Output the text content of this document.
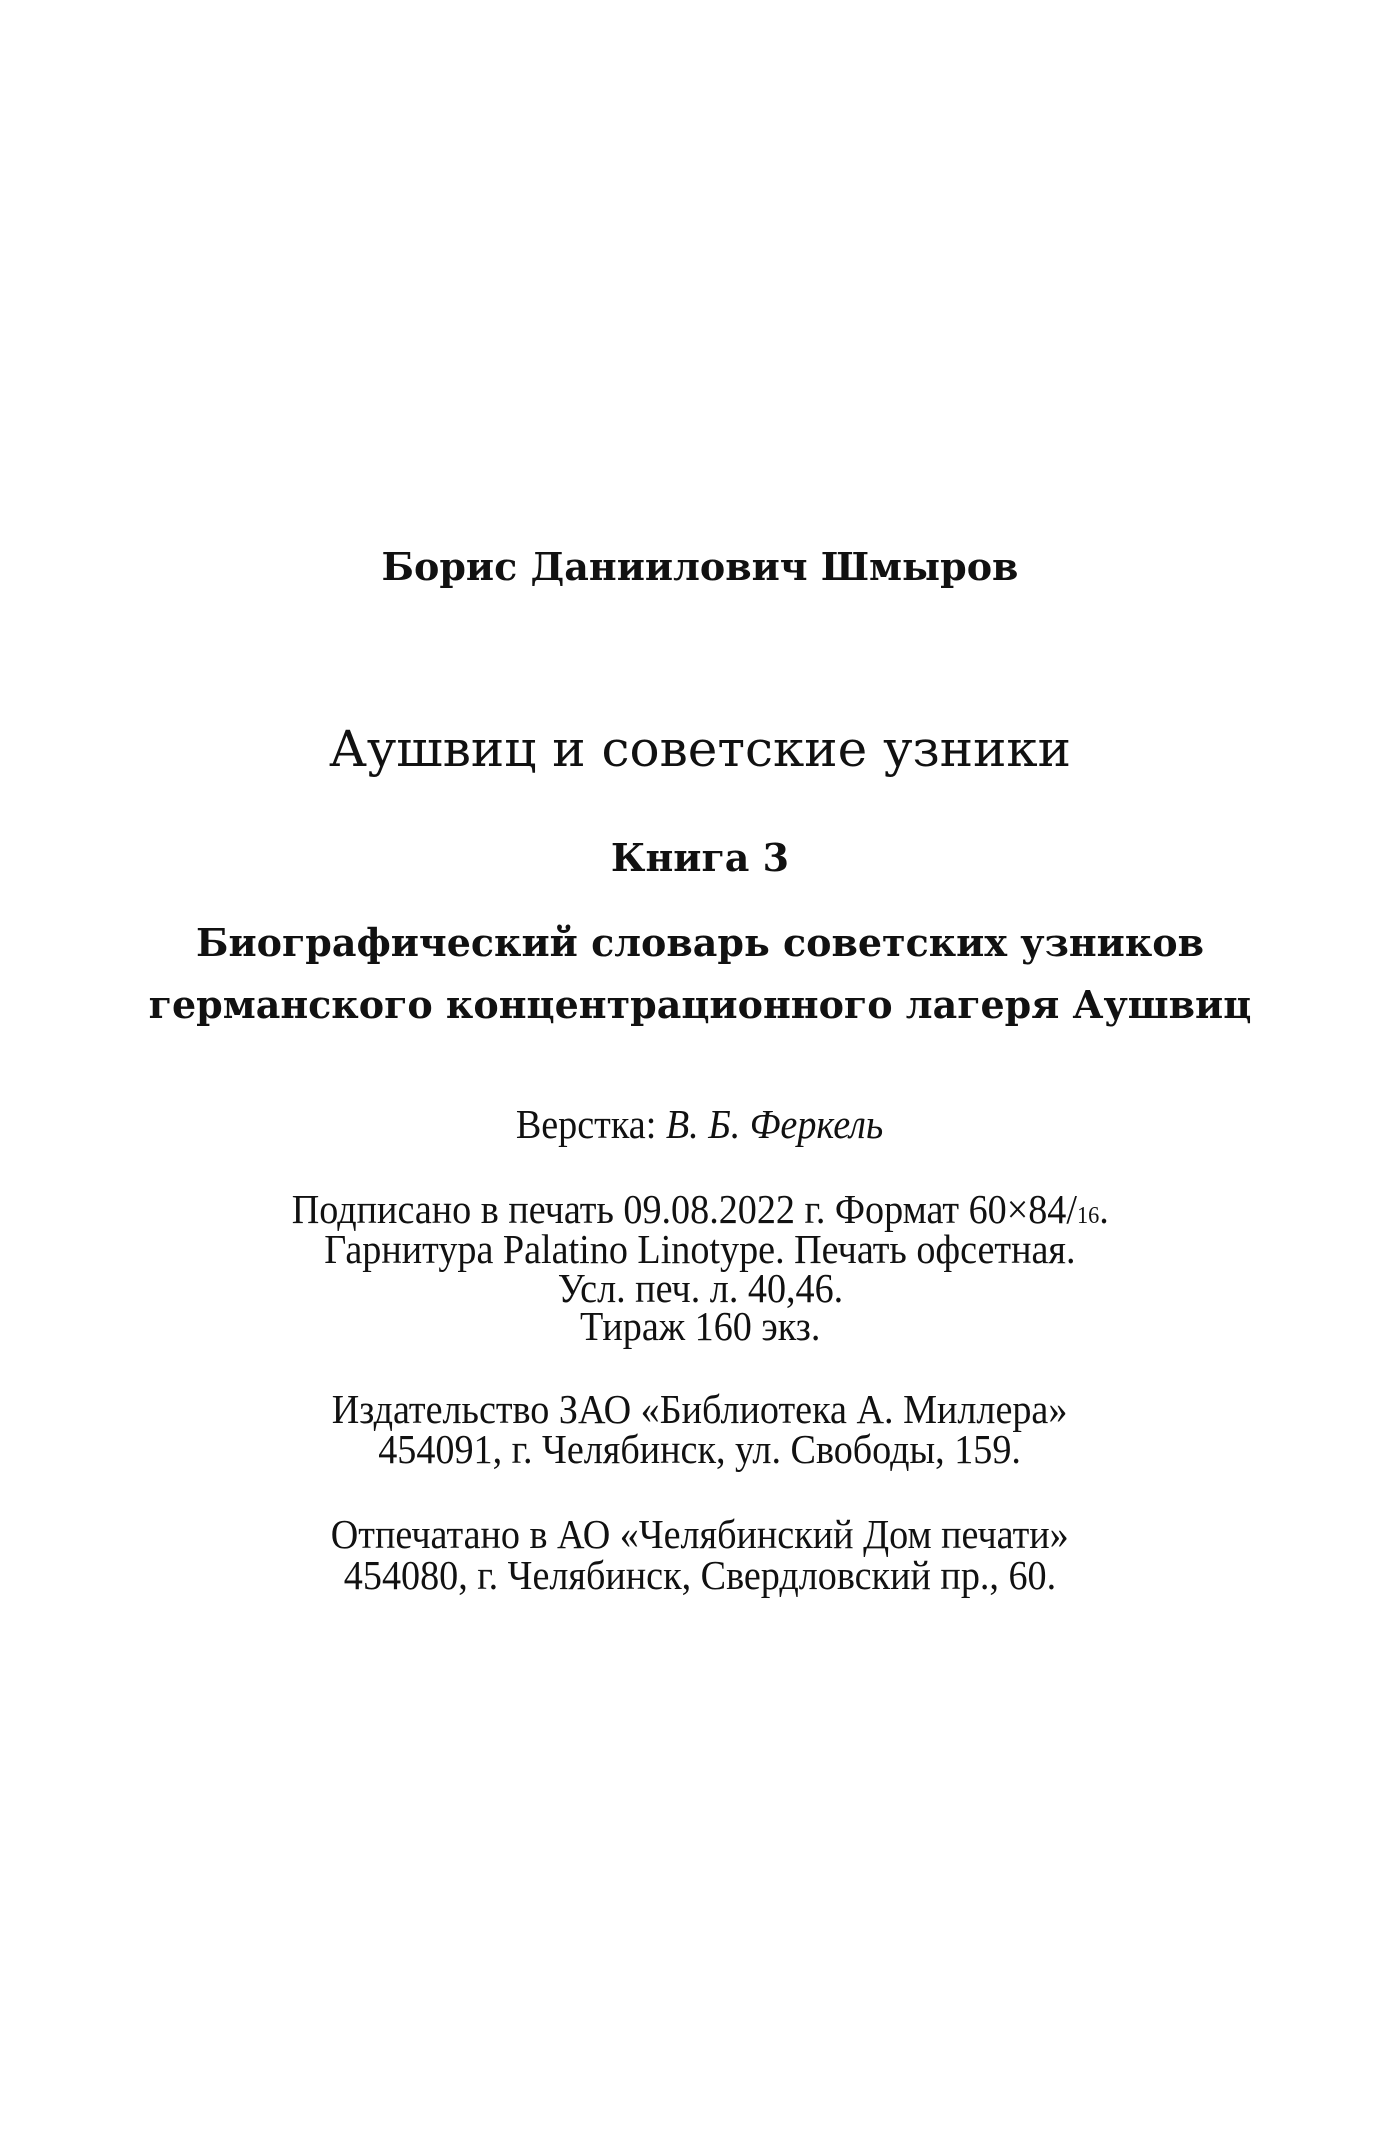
Борис Даниилович Шмыров
Аушвиц и советские узники
Книга 3
Биографический словарь советских узников
германского концентрационного лагеря Аушвиц
Верстка: В. Б. Феркель
Подписано в печать 09.08.2022 г. Формат 60×84/16.
Гарнитура Palatino Linotype. Печать офсетная.
Усл. печ. л. 40,46.
Тираж 160 экз.
Издательство ЗАО «Библиотека А. Миллера»
454091, г. Челябинск, ул. Свободы, 159.
Отпечатано в АО «Челябинский Дом печати»
454080, г. Челябинск, Свердловский пр., 60.
